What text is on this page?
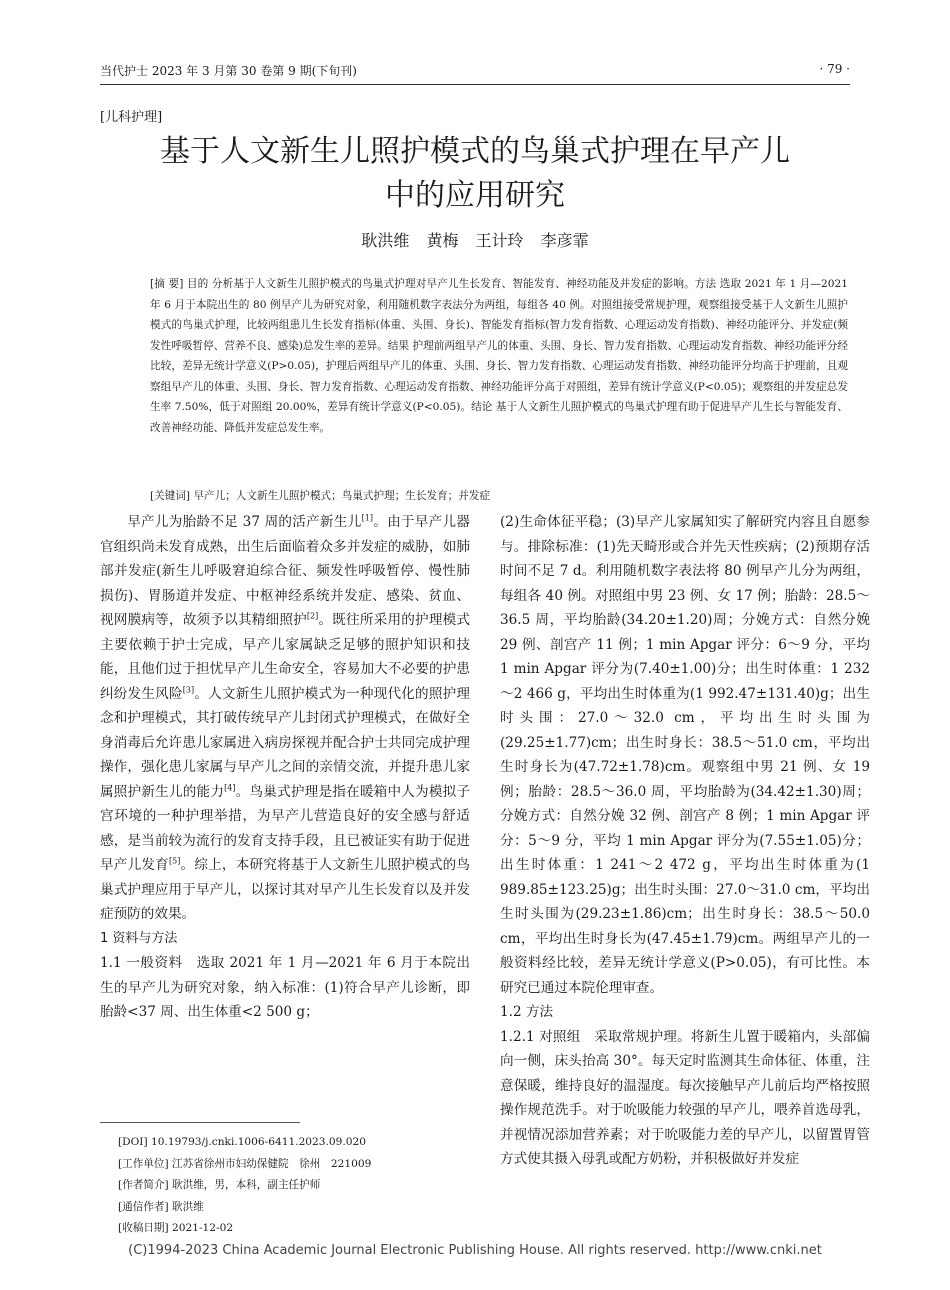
当代护士 2023 年 3 月第 30 卷第 9 期(下旬刊)	· 79 ·
[儿科护理]
基于人文新生儿照护模式的鸟巢式护理在早产儿
中的应用研究
耿洪维 黄梅 王计玲 李彦霏
[摘 要] 目的 分析基于人文新生儿照护模式的鸟巢式护理对早产儿生长发育、智能发育、神经功能及并发症的影响。方法 选取 2021 年 1 月—2021 年 6 月于本院出生的 80 例早产儿为研究对象，利用随机数字表法分为两组，每组各 40 例。对照组接受常规护理，观察组接受基于人文新生儿照护模式的鸟巢式护理，比较两组患儿生长发育指标(体重、头围、身长)、智能发育指标(智力发育指数、心理运动发育指数)、神经功能评分、并发症(频发性呼吸暂停、营养不良、感染)总发生率的差异。结果 护理前两组早产儿的体重、头围、身长、智力发育指数、心理运动发育指数、神经功能评分经比较，差异无统计学意义(P>0.05)，护理后两组早产儿的体重、头围、身长、智力发育指数、心理运动发育指数、神经功能评分均高于护理前，且观察组早产儿的体重、头围、身长、智力发育指数、心理运动发育指数、神经功能评分高于对照组，差异有统计学意义(P<0.05)；观察组的并发症总发生率 7.50%，低于对照组 20.00%，差异有统计学意义(P<0.05)。结论 基于人文新生儿照护模式的鸟巢式护理有助于促进早产儿生长与智能发育、改善神经功能、降低并发症总发生率。
[关键词] 早产儿；人文新生儿照护模式；鸟巢式护理；生长发育；并发症

早产儿为胎龄不足 37 周的活产新生儿[1]。由于早产儿器官组织尚未发育成熟，出生后面临着众多并发症的威胁，如肺部并发症(新生儿呼吸窘迫综合征、频发性呼吸暂停、慢性肺损伤)、胃肠道并发症、中枢神经系统并发症、感染、贫血、视网膜病等，故须予以其精细照护[2]。既往所采用的护理模式主要依赖于护士完成，早产儿家属缺乏足够的照护知识和技能，且他们过于担忧早产儿生命安全，容易加大不必要的护患纠纷发生风险[3]。人文新生儿照护模式为一种现代化的照护理念和护理模式，其打破传统早产儿封闭式护理模式，在做好全身消毒后允许患儿家属进入病房探视并配合护士共同完成护理操作，强化患儿家属与早产儿之间的亲情交流，并提升患儿家属照护新生儿的能力[4]。鸟巢式护理是指在暖箱中人为模拟子宫环境的一种护理举措，为早产儿营造良好的安全感与舒适感，是当前较为流行的发育支持手段，且已被证实有助于促进早产儿发育[5]。综上，本研究将基于人文新生儿照护模式的鸟巢式护理应用于早产儿，以探讨其对早产儿生长发育以及并发症预防的效果。

1 资料与方法

1.1 一般资料　 选取 2021 年 1 月—2021 年 6 月于本院出生的早产儿为研究对象，纳入标准：(1)符合早产儿诊断，即胎龄<37 周、出生体重<2 500 g；

(2)生命体征平稳；(3)早产儿家属知实了解研究内容且自愿参与。排除标准：(1)先天畸形或合并先天性疾病；(2)预期存活时间不足 7 d。利用随机数字表法将 80 例早产儿分为两组，每组各 40 例。对照组中男 23 例、女 17 例；胎龄：28.5～36.5 周，平均胎龄(34.20±1.20)周；分娩方式：自然分娩 29 例、剖宫产 11 例；1 min Apgar 评分：6～9 分，平均 1 min Apgar 评分为(7.40±1.00)分；出生时体重：1 232～2 466 g，平均出生时体重为(1 992.47±131.40)g；出生时头围：27.0～32.0 cm，平均出生时头围为(29.25±1.77)cm；出生时身长：38.5～51.0 cm，平均出生时身长为(47.72±1.78)cm。观察组中男 21 例、女 19 例；胎龄：28.5～36.0 周，平均胎龄为(34.42±1.30)周；分娩方式：自然分娩 32 例、剖宫产 8 例；1 min Apgar 评分：5～9 分，平均 1 min Apgar 评分为(7.55±1.05)分；出生时体重：1 241～2 472 g，平均出生时体重为(1 989.85±123.25)g；出生时头围：27.0～31.0 cm，平均出生时头围为(29.23±1.86)cm；出生时身长：38.5～50.0 cm，平均出生时身长为(47.45±1.79)cm。两组早产儿的一般资料经比较，差异无统计学意义(P>0.05)，有可比性。本研究已通过本院伦理审查。

1.2 方法

1.2.1 对照组　 采取常规护理。将新生儿置于暖箱内，头部偏向一侧，床头抬高 30°。每天定时监测其生命体征、体重，注意保暖，维持良好的温湿度。每次接触早产儿前后均严格按照操作规范洗手。对于吮吸能力较强的早产儿，喂养首选母乳，并视情况添加营养素；对于吮吸能力差的早产儿，以留置胃管方式使其摄入母乳或配方奶粉，并积极做好并发症

[DOI] 10.19793/j.cnki.1006-6411.2023.09.020
[工作单位] 江苏省徐州市妇幼保健院　徐州　221009
[作者简介] 耿洪维，男，本科，副主任护师
[通信作者] 耿洪维
[收稿日期] 2021-12-02
(C)1994-2023 China Academic Journal Electronic Publishing House. All rights reserved. http://www.cnki.net
